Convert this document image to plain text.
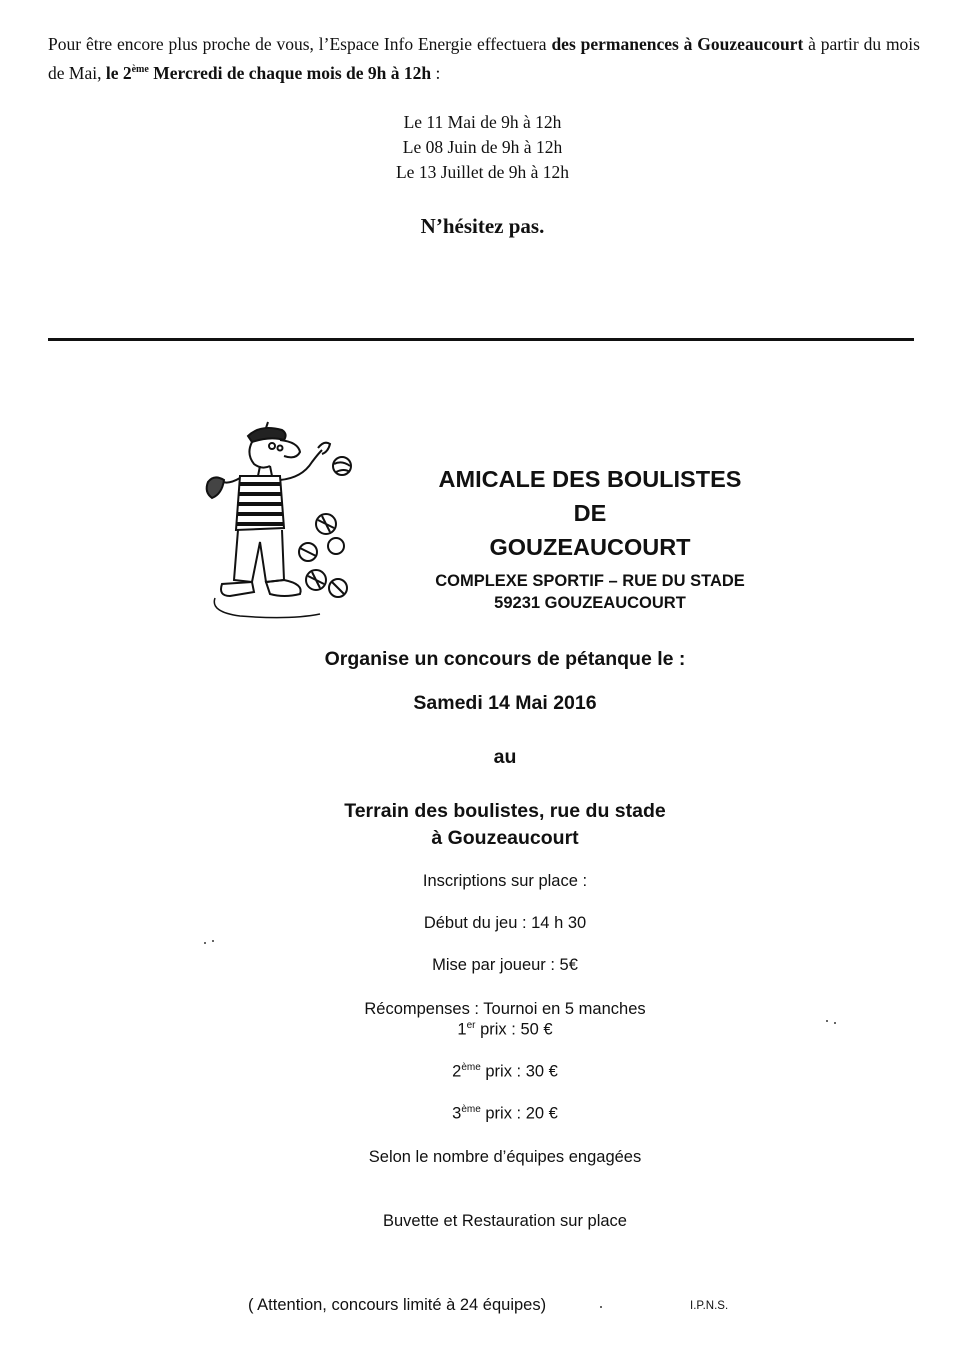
Pour être encore plus proche de vous, l’Espace Info Energie effectuera des permanences à Gouzeaucourt à partir du mois de Mai, le 2ème Mercredi de chaque mois de 9h à 12h :
Le 11 Mai de 9h à 12h
Le 08 Juin de 9h à 12h
Le 13 Juillet de 9h à 12h
N’hésitez pas.
AMICALE DES BOULISTES
DE
GOUZEAUCOURT
COMPLEXE SPORTIF – RUE DU STADE
59231 GOUZEAUCOURT
Organise un concours de pétanque le :
Samedi 14 Mai 2016
au
Terrain des boulistes, rue du stade
à Gouzeaucourt
Inscriptions sur place :
Début du jeu : 14 h 30
Mise par joueur : 5€
Récompenses : Tournoi en 5 manches
1er prix : 50 €
2ème prix : 30 €
3ème prix : 20 €
Selon le nombre d’équipes engagées
Buvette et Restauration sur place
( Attention, concours limité à 24 équipes)	I.P.N.S.
